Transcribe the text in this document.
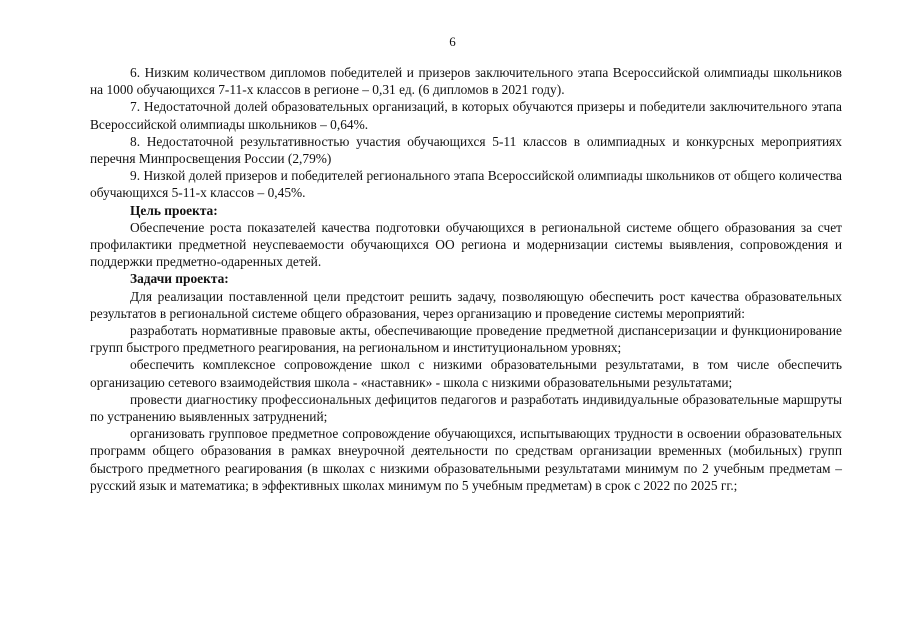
6

6. Низким количеством дипломов победителей и призеров заключительного этапа Всероссийской олимпиады школьников на 1000 обучающихся 7-11-х классов в регионе – 0,31 ед. (6 дипломов в 2021 году).

7. Недостаточной долей образовательных организаций, в которых обучаются призеры и победители заключительного этапа Всероссийской олимпиады школьников – 0,64%.

8. Недостаточной результативностью участия обучающихся 5-11 классов в олимпиадных и конкурсных мероприятиях перечня Минпросвещения России (2,79%)

9. Низкой долей призеров и победителей регионального этапа Всероссийской олимпиады школьников от общего количества обучающихся 5-11-х классов – 0,45%.

Цель проекта:

Обеспечение роста показателей качества подготовки обучающихся в региональной системе общего образования за счет профилактики предметной неуспеваемости обучающихся ОО региона и модернизации системы выявления, сопровождения и поддержки предметно-одаренных детей.

Задачи проекта:

Для реализации поставленной цели предстоит решить задачу, позволяющую обеспечить рост качества образовательных результатов в региональной системе общего образования, через организацию и проведение системы мероприятий:

разработать нормативные правовые акты, обеспечивающие проведение предметной диспансеризации и функционирование групп быстрого предметного реагирования, на региональном и институциональном уровнях;

обеспечить комплексное сопровождение школ с низкими образовательными результатами, в том числе обеспечить организацию сетевого взаимодействия школа - «наставник» - школа с низкими образовательными результатами;

провести диагностику профессиональных дефицитов педагогов и разработать индивидуальные образовательные маршруты по устранению выявленных затруднений;

организовать групповое предметное сопровождение обучающихся, испытывающих трудности в освоении образовательных программ общего образования в рамках внеурочной деятельности по средствам организации временных (мобильных) групп быстрого предметного реагирования (в школах с низкими образовательными результатами минимум по 2 учебным предметам – русский язык и математика; в эффективных школах минимум по 5 учебным предметам) в срок с 2022 по 2025 гг.;
